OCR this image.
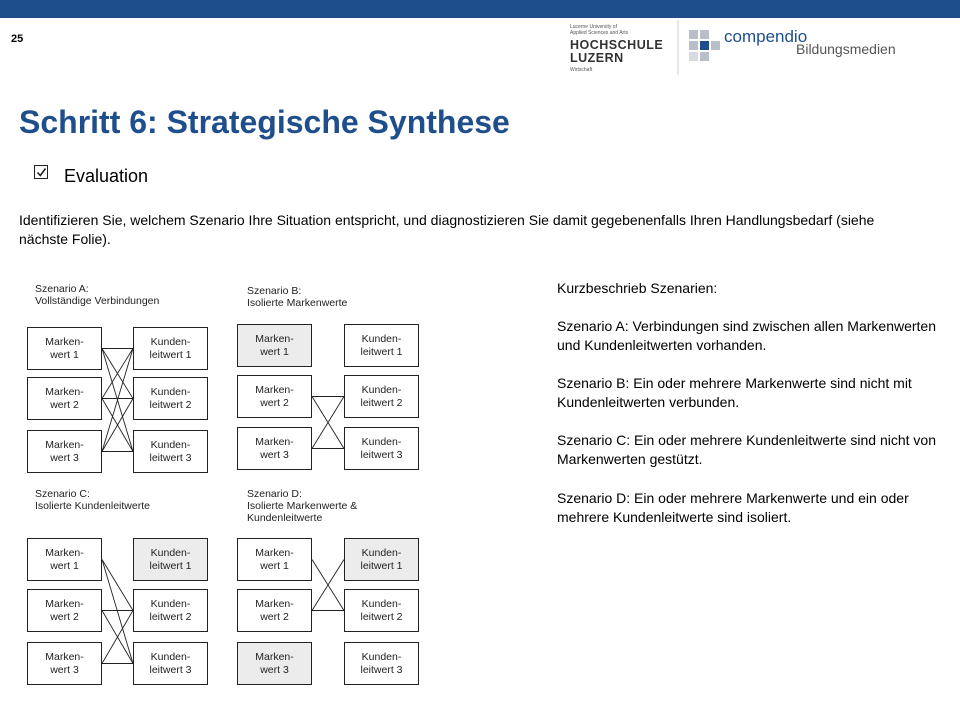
25
Lucerne University of
Applied Sciences and Arts
HOCHSCHULE
LUZERN
Wirtschaft
compendio
Bildungsmedien
Schritt 6: Strategische Synthese
Evaluation
Identifizieren Sie, welchem Szenario Ihre Situation entspricht, und diagnostizieren Sie damit gegebenenfalls Ihren Handlungsbedarf (siehe nächste Folie).
Szenario A:
Vollständige Verbindungen
Marken-
wert 1
Marken-
wert 2
Marken-
wert 3
Kunden-
leitwert 1
Kunden-
leitwert 2
Kunden-
leitwert 3
Szenario B:
Isolierte Markenwerte
Marken-
wert 1
Marken-
wert 2
Marken-
wert 3
Kunden-
leitwert 1
Kunden-
leitwert 2
Kunden-
leitwert 3
Szenario C:
Isolierte Kundenleitwerte
Marken-
wert 1
Marken-
wert 2
Marken-
wert 3
Kunden-
leitwert 1
Kunden-
leitwert 2
Kunden-
leitwert 3
Szenario D:
Isolierte Markenwerte &
Kundenleitwerte
Marken-
wert 1
Marken-
wert 2
Marken-
wert 3
Kunden-
leitwert 1
Kunden-
leitwert 2
Kunden-
leitwert 3
Kurzbeschrieb Szenarien:
Szenario A: Verbindungen sind zwischen allen Markenwerten und Kundenleitwerten vorhanden.
Szenario B: Ein oder mehrere Markenwerte sind nicht mit Kundenleitwerten verbunden.
Szenario C: Ein oder mehrere Kundenleitwerte sind nicht von Markenwerten gestützt.
Szenario D: Ein oder mehrere Markenwerte und ein oder mehrere Kundenleitwerte sind isoliert.
